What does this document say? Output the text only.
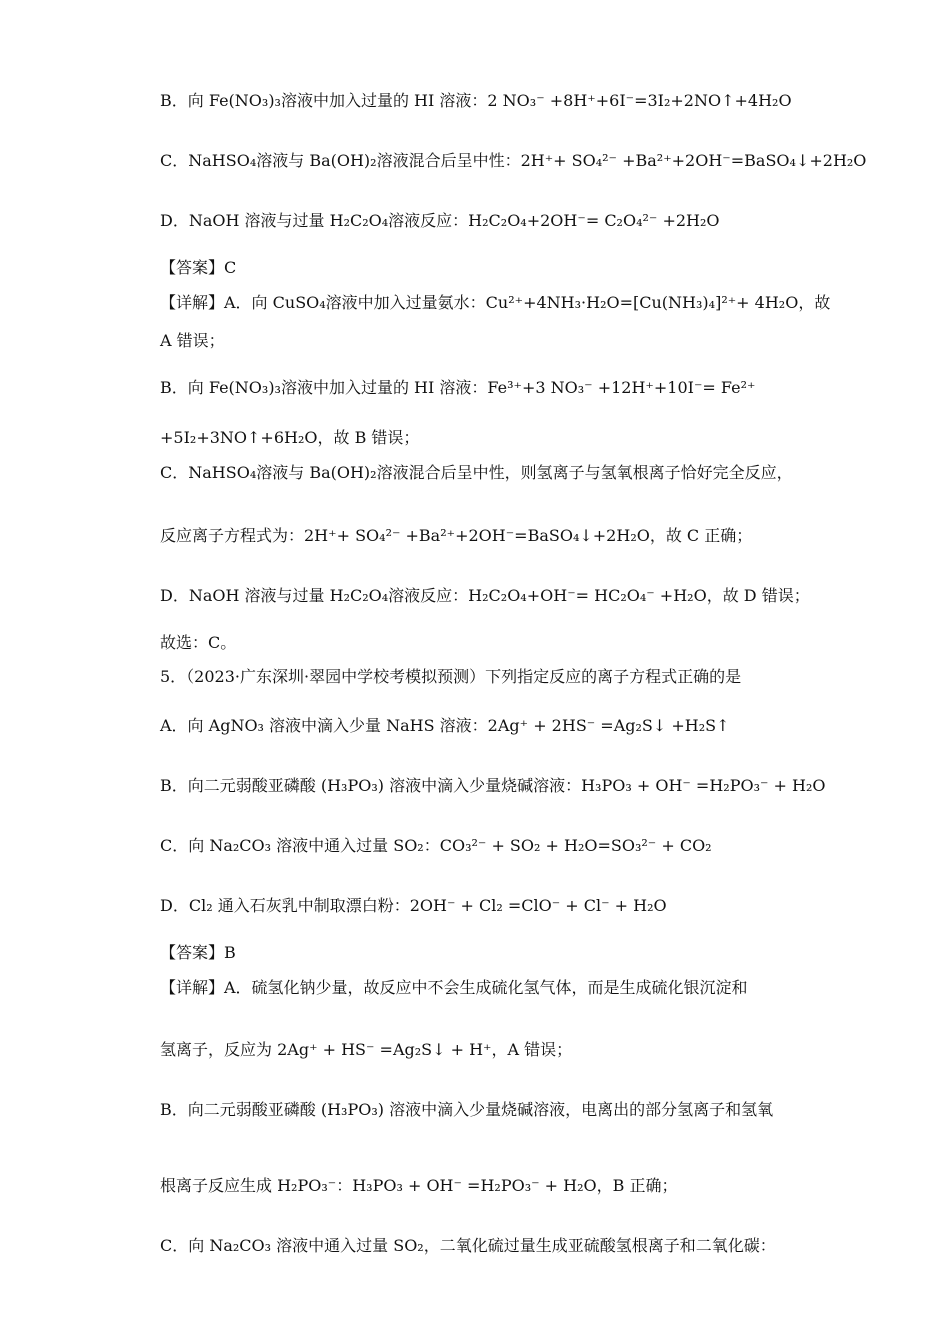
B．向 Fe(NO₃)₃溶液中加入过量的 HI 溶液：2 NO₃⁻ +8H⁺+6I⁻=3I₂+2NO↑+4H₂O
C．NaHSO₄溶液与 Ba(OH)₂溶液混合后呈中性：2H⁺+ SO₄²⁻ +Ba²⁺+2OH⁻=BaSO₄↓+2H₂O
D．NaOH 溶液与过量 H₂C₂O₄溶液反应：H₂C₂O₄+2OH⁻= C₂O₄²⁻ +2H₂O
【答案】C
【详解】A．向 CuSO₄溶液中加入过量氨水：Cu²⁺+4NH₃·H₂O=[Cu(NH₃)₄]²⁺+ 4H₂O，故
A 错误；
B．向 Fe(NO₃)₃溶液中加入过量的 HI 溶液：Fe³⁺+3 NO₃⁻ +12H⁺+10I⁻= Fe²⁺
+5I₂+3NO↑+6H₂O，故 B 错误；
C．NaHSO₄溶液与 Ba(OH)₂溶液混合后呈中性，则氢离子与氢氧根离子恰好完全反应，
反应离子方程式为：2H⁺+ SO₄²⁻ +Ba²⁺+2OH⁻=BaSO₄↓+2H₂O，故 C 正确；
D．NaOH 溶液与过量 H₂C₂O₄溶液反应：H₂C₂O₄+OH⁻= HC₂O₄⁻ +H₂O，故 D 错误；
故选：C。
5．（2023·广东深圳·翠园中学校考模拟预测）下列指定反应的离子方程式正确的是
A．向 AgNO₃ 溶液中滴入少量 NaHS 溶液：2Ag⁺ + 2HS⁻ =Ag₂S↓ +H₂S↑
B．向二元弱酸亚磷酸 (H₃PO₃) 溶液中滴入少量烧碱溶液：H₃PO₃ + OH⁻ =H₂PO₃⁻ + H₂O
C．向 Na₂CO₃ 溶液中通入过量 SO₂：CO₃²⁻ + SO₂ + H₂O=SO₃²⁻ + CO₂
D．Cl₂ 通入石灰乳中制取漂白粉：2OH⁻ + Cl₂ =ClO⁻ + Cl⁻ + H₂O
【答案】B
【详解】A．硫氢化钠少量，故反应中不会生成硫化氢气体，而是生成硫化银沉淀和
氢离子，反应为 2Ag⁺ + HS⁻ =Ag₂S↓ + H⁺，A 错误；
B．向二元弱酸亚磷酸 (H₃PO₃) 溶液中滴入少量烧碱溶液，电离出的部分氢离子和氢氧
根离子反应生成 H₂PO₃⁻：H₃PO₃ + OH⁻ =H₂PO₃⁻ + H₂O，B 正确；
C．向 Na₂CO₃ 溶液中通入过量 SO₂，二氧化硫过量生成亚硫酸氢根离子和二氧化碳：
